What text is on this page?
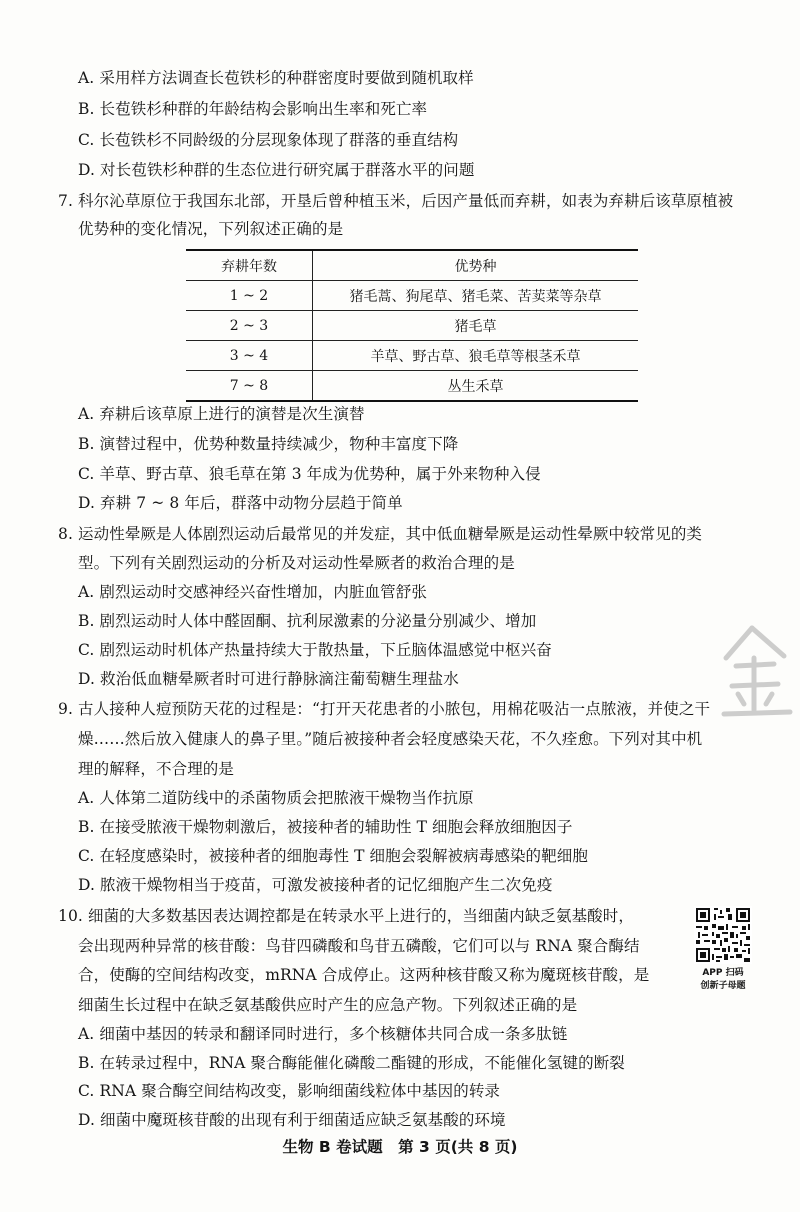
A. 采用样方法调查长苞铁杉的种群密度时要做到随机取样
B. 长苞铁杉种群的年龄结构会影响出生率和死亡率
C. 长苞铁杉不同龄级的分层现象体现了群落的垂直结构
D. 对长苞铁杉种群的生态位进行研究属于群落水平的问题
7. 科尔沁草原位于我国东北部，开垦后曾种植玉米，后因产量低而弃耕，如表为弃耕后该草原植被
优势种的变化情况，下列叙述正确的是
弃耕年数	优势种
1 ~ 2	猪毛蒿、狗尾草、猪毛菜、苦荬菜等杂草
2 ~ 3	猪毛草
3 ~ 4	羊草、野古草、狼毛草等根茎禾草
7 ~ 8	丛生禾草
A. 弃耕后该草原上进行的演替是次生演替
B. 演替过程中，优势种数量持续减少，物种丰富度下降
C. 羊草、野古草、狼毛草在第 3 年成为优势种，属于外来物种入侵
D. 弃耕 7 ~ 8 年后，群落中动物分层趋于简单
8. 运动性晕厥是人体剧烈运动后最常见的并发症，其中低血糖晕厥是运动性晕厥中较常见的类
型。下列有关剧烈运动的分析及对运动性晕厥者的救治合理的是
A. 剧烈运动时交感神经兴奋性增加，内脏血管舒张
B. 剧烈运动时人体中醛固酮、抗利尿激素的分泌量分别减少、增加
C. 剧烈运动时机体产热量持续大于散热量，下丘脑体温感觉中枢兴奋
D. 救治低血糖晕厥者时可进行静脉滴注葡萄糖生理盐水
9. 古人接种人痘预防天花的过程是：“打开天花患者的小脓包，用棉花吸沾一点脓液，并使之干
燥……然后放入健康人的鼻子里。”随后被接种者会轻度感染天花，不久痊愈。下列对其中机
理的解释，不合理的是
A. 人体第二道防线中的杀菌物质会把脓液干燥物当作抗原
B. 在接受脓液干燥物刺激后，被接种者的辅助性 T 细胞会释放细胞因子
C. 在轻度感染时，被接种者的细胞毒性 T 细胞会裂解被病毒感染的靶细胞
D. 脓液干燥物相当于疫苗，可激发被接种者的记忆细胞产生二次免疫
10. 细菌的大多数基因表达调控都是在转录水平上进行的，当细菌内缺乏氨基酸时，
会出现两种异常的核苷酸：鸟苷四磷酸和鸟苷五磷酸，它们可以与 RNA 聚合酶结
合，使酶的空间结构改变，mRNA 合成停止。这两种核苷酸又称为魔斑核苷酸，是
细菌生长过程中在缺乏氨基酸供应时产生的应急产物。下列叙述正确的是
A. 细菌中基因的转录和翻译同时进行，多个核糖体共同合成一条多肽链
B. 在转录过程中，RNA 聚合酶能催化磷酸二酯键的形成，不能催化氢键的断裂
C. RNA 聚合酶空间结构改变，影响细菌线粒体中基因的转录
D. 细菌中魔斑核苷酸的出现有利于细菌适应缺乏氨基酸的环境
APP 扫码
创新子母题
生物 B 卷试题　第 3 页(共 8 页)
